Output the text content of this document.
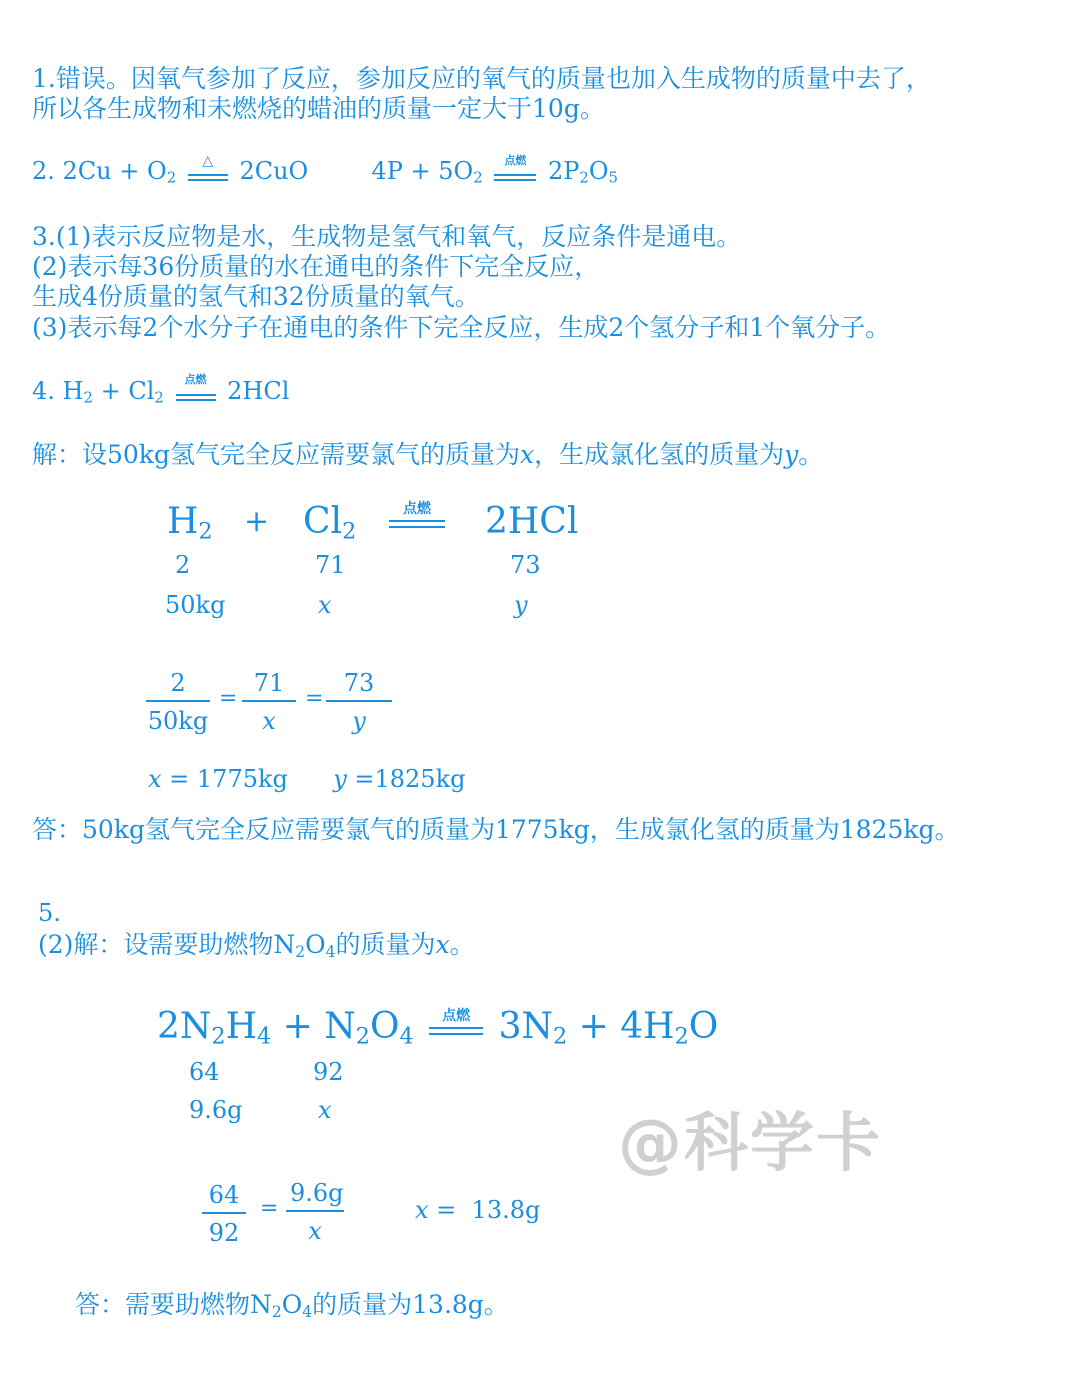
1.错误。因氧气参加了反应，参加反应的氧气的质量也加入生成物的质量中去了，
所以各生成物和未燃烧的蜡油的质量一定大于10g。
2. $2Cu + O_2$
△	2CuO	$4P + 5O_2$
点燃 $2P_2O_5$
3.(1)表示反应物是水，生成物是氢气和氧气，反应条件是通电。
(2)表示每36份质量的水在通电的条件下完全反应，
生成4份质量的氢气和32份质量的氧气。
(3)表示每2个水分子在通电的条件下完全反应，生成2个氢分子和1个氧分子。
4. $H_2 + Cl_2$
点燃 2HCl
解：设50kg氢气完全反应需要氯气的质量为x，生成氯化氢的质量为y。
$H_2 + Cl_2$
点燃	2HCl
2	71	73
50kg	x	y
$\frac{2}{50kg} = \frac{71}{x} = \frac{73}{y}$
x = 1775kg y =1825kg
答：50kg氢气完全反应需要氯气的质量为1775kg，生成氯化氢的质量为1825kg。
5.
(2)解：设需要助燃物$N_2O_4$的质量为x。
$2N_2H_4 + N_2O_4$
点燃 $3N_2 + 4H_2O$
64	92
9.6g	x
$\frac{64}{92} = \frac{9.6g}{x}$	x =  13.8g
答：需要助燃物$N_2O_4$的质量为13.8g。
@科学卡
